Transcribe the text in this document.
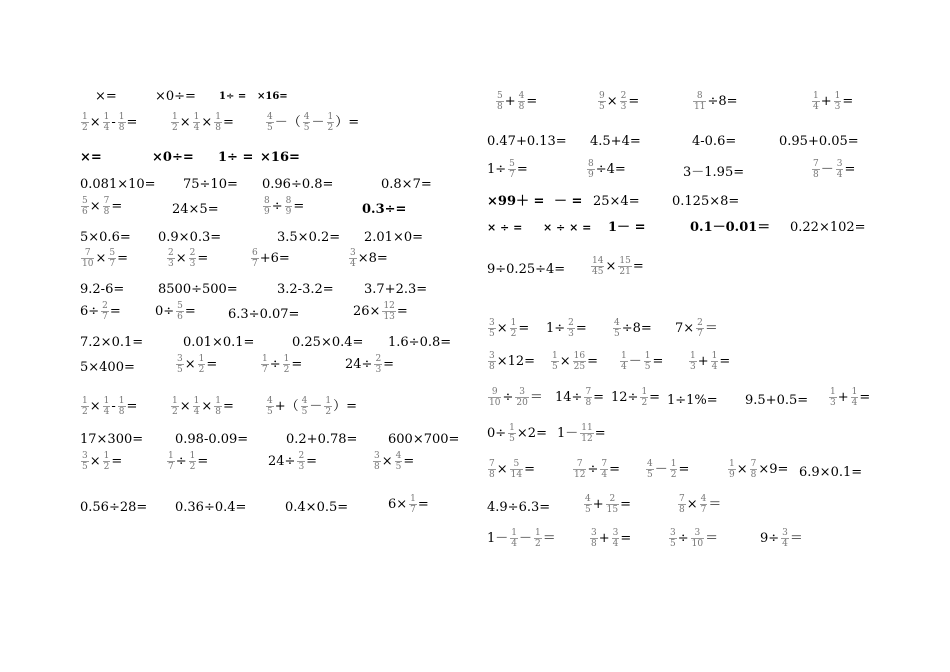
×=	×0÷= 1÷ = ×16=
$\frac{1}{2} \times \frac{1}{4} - \frac{1}{8}$ =	$\frac{1}{2} \times \frac{1}{4} \times \frac{1}{8}$ =	$\frac{4}{5}$ －（ $\frac{4}{5} - \frac{1}{2}$ ）=
×=	×0÷= 1÷ = ×16=
0.081×10= 75÷10= 0.96÷0.8=	0.8×7=
$\frac{5}{6} \times \frac{7}{8}$ =	24×5=	$\frac{8}{9} \div \frac{8}{9}$ =	0.3÷=
5×0.6= 0.9×0.3=	3.5×0.2= 2.01×0=
$\frac{7}{10} \times \frac{5}{7}$ =	$\frac{2}{3} \times \frac{2}{3}$ =	$\frac{6}{7} +6=$	$\frac{3}{4} \times 8=$
9.2-6=	8500÷500=	3.2-3.2= 3.7+2.3=
$6\div \frac{2}{7}$ =	$0\div \frac{5}{6} = 6.3\div 0.07=$	$26\times \frac{12}{13}$ =
7.2×0.1=	0.01×0.1=	0.25×0.4= 1.6÷0.8=
5×400=	$\frac{3}{5} \times \frac{1}{2}$ =	$\frac{1}{7} \div \frac{1}{2}$ =	$24\div \frac{2}{3}$ =
$\frac{1}{2} \times \frac{1}{4} - \frac{1}{8}$ =	$\frac{1}{2} \times \frac{1}{4} \times \frac{1}{8}$ =	$\frac{4}{5}$ +（ $\frac{4}{5} - \frac{1}{2}$ ）=
17×300= 0.98-0.09=	0.2+0.78= 600×700=
$\frac{3}{5} \times \frac{1}{2}$ =	$\frac{1}{7} \div \frac{1}{2}$ =	$24\div \frac{2}{3}$ =	$\frac{3}{8} \times \frac{4}{5}$ =
0.56÷28= 0.36÷0.4=	0.4×0.5=	$6\times \frac{1}{7}$ =
$\frac{5}{8} + \frac{4}{8}$ =	$\frac{9}{5} \times \frac{2}{3}$ =	$\frac{8}{11} \div 8=$	$\frac{1}{4} + \frac{1}{3}$ =
0.47+0.13= 4.5+4=	4-0.6=	0.95+0.05=
$1\div \frac{5}{7}$ =	$\frac{8}{9} \div 4=$	3－1.95=	$\frac{7}{8} - \frac{3}{4}$ =
×99＋ = － = 25×4= 0.125×8=
× ÷ = × ÷ × = 1－ =	0.1－0.01＝ 0.22×102=
9÷0.25÷4=	$\frac{14}{45} \times \frac{15}{21}$ =
$\frac{3}{5} \times \frac{1}{2} = 1\div \frac{2}{3}$ =	$\frac{4}{5} \div 8= 7\times \frac{2}{7}$ ＝
$\frac{3}{8} \times 12= \frac{1}{5} \times \frac{16}{25} = \frac{1}{4} - \frac{1}{5}$ =	$\frac{1}{3} + \frac{1}{4}$ =
$\frac{9}{10} \div \frac{3}{20} = 14\div \frac{7}{8} = 12\div \frac{1}{2} = 1\div 1\%= 9.5+0.5= \frac{1}{3} + \frac{1}{4}$ =
$0\div \frac{1}{5} \times 2= 1- \frac{11}{12}$ =
$\frac{7}{8} \times \frac{5}{14}$ =	$\frac{7}{12} \div \frac{7}{4}$ =	$\frac{4}{5} - \frac{1}{2}$ =	$\frac{1}{9} \times \frac{7}{8} \times 9= 6.9\times 0.1=$
4.9÷6.3=	$\frac{4}{5} + \frac{2}{15}$ =	$\frac{7}{8} \times \frac{4}{7}$ ＝
$1- \frac{1}{4} - \frac{1}{2}$ ＝	$\frac{3}{8} + \frac{3}{4}$ =	$\frac{3}{5} \div \frac{3}{10}$ ＝	$9\div \frac{3}{4}$ ＝
